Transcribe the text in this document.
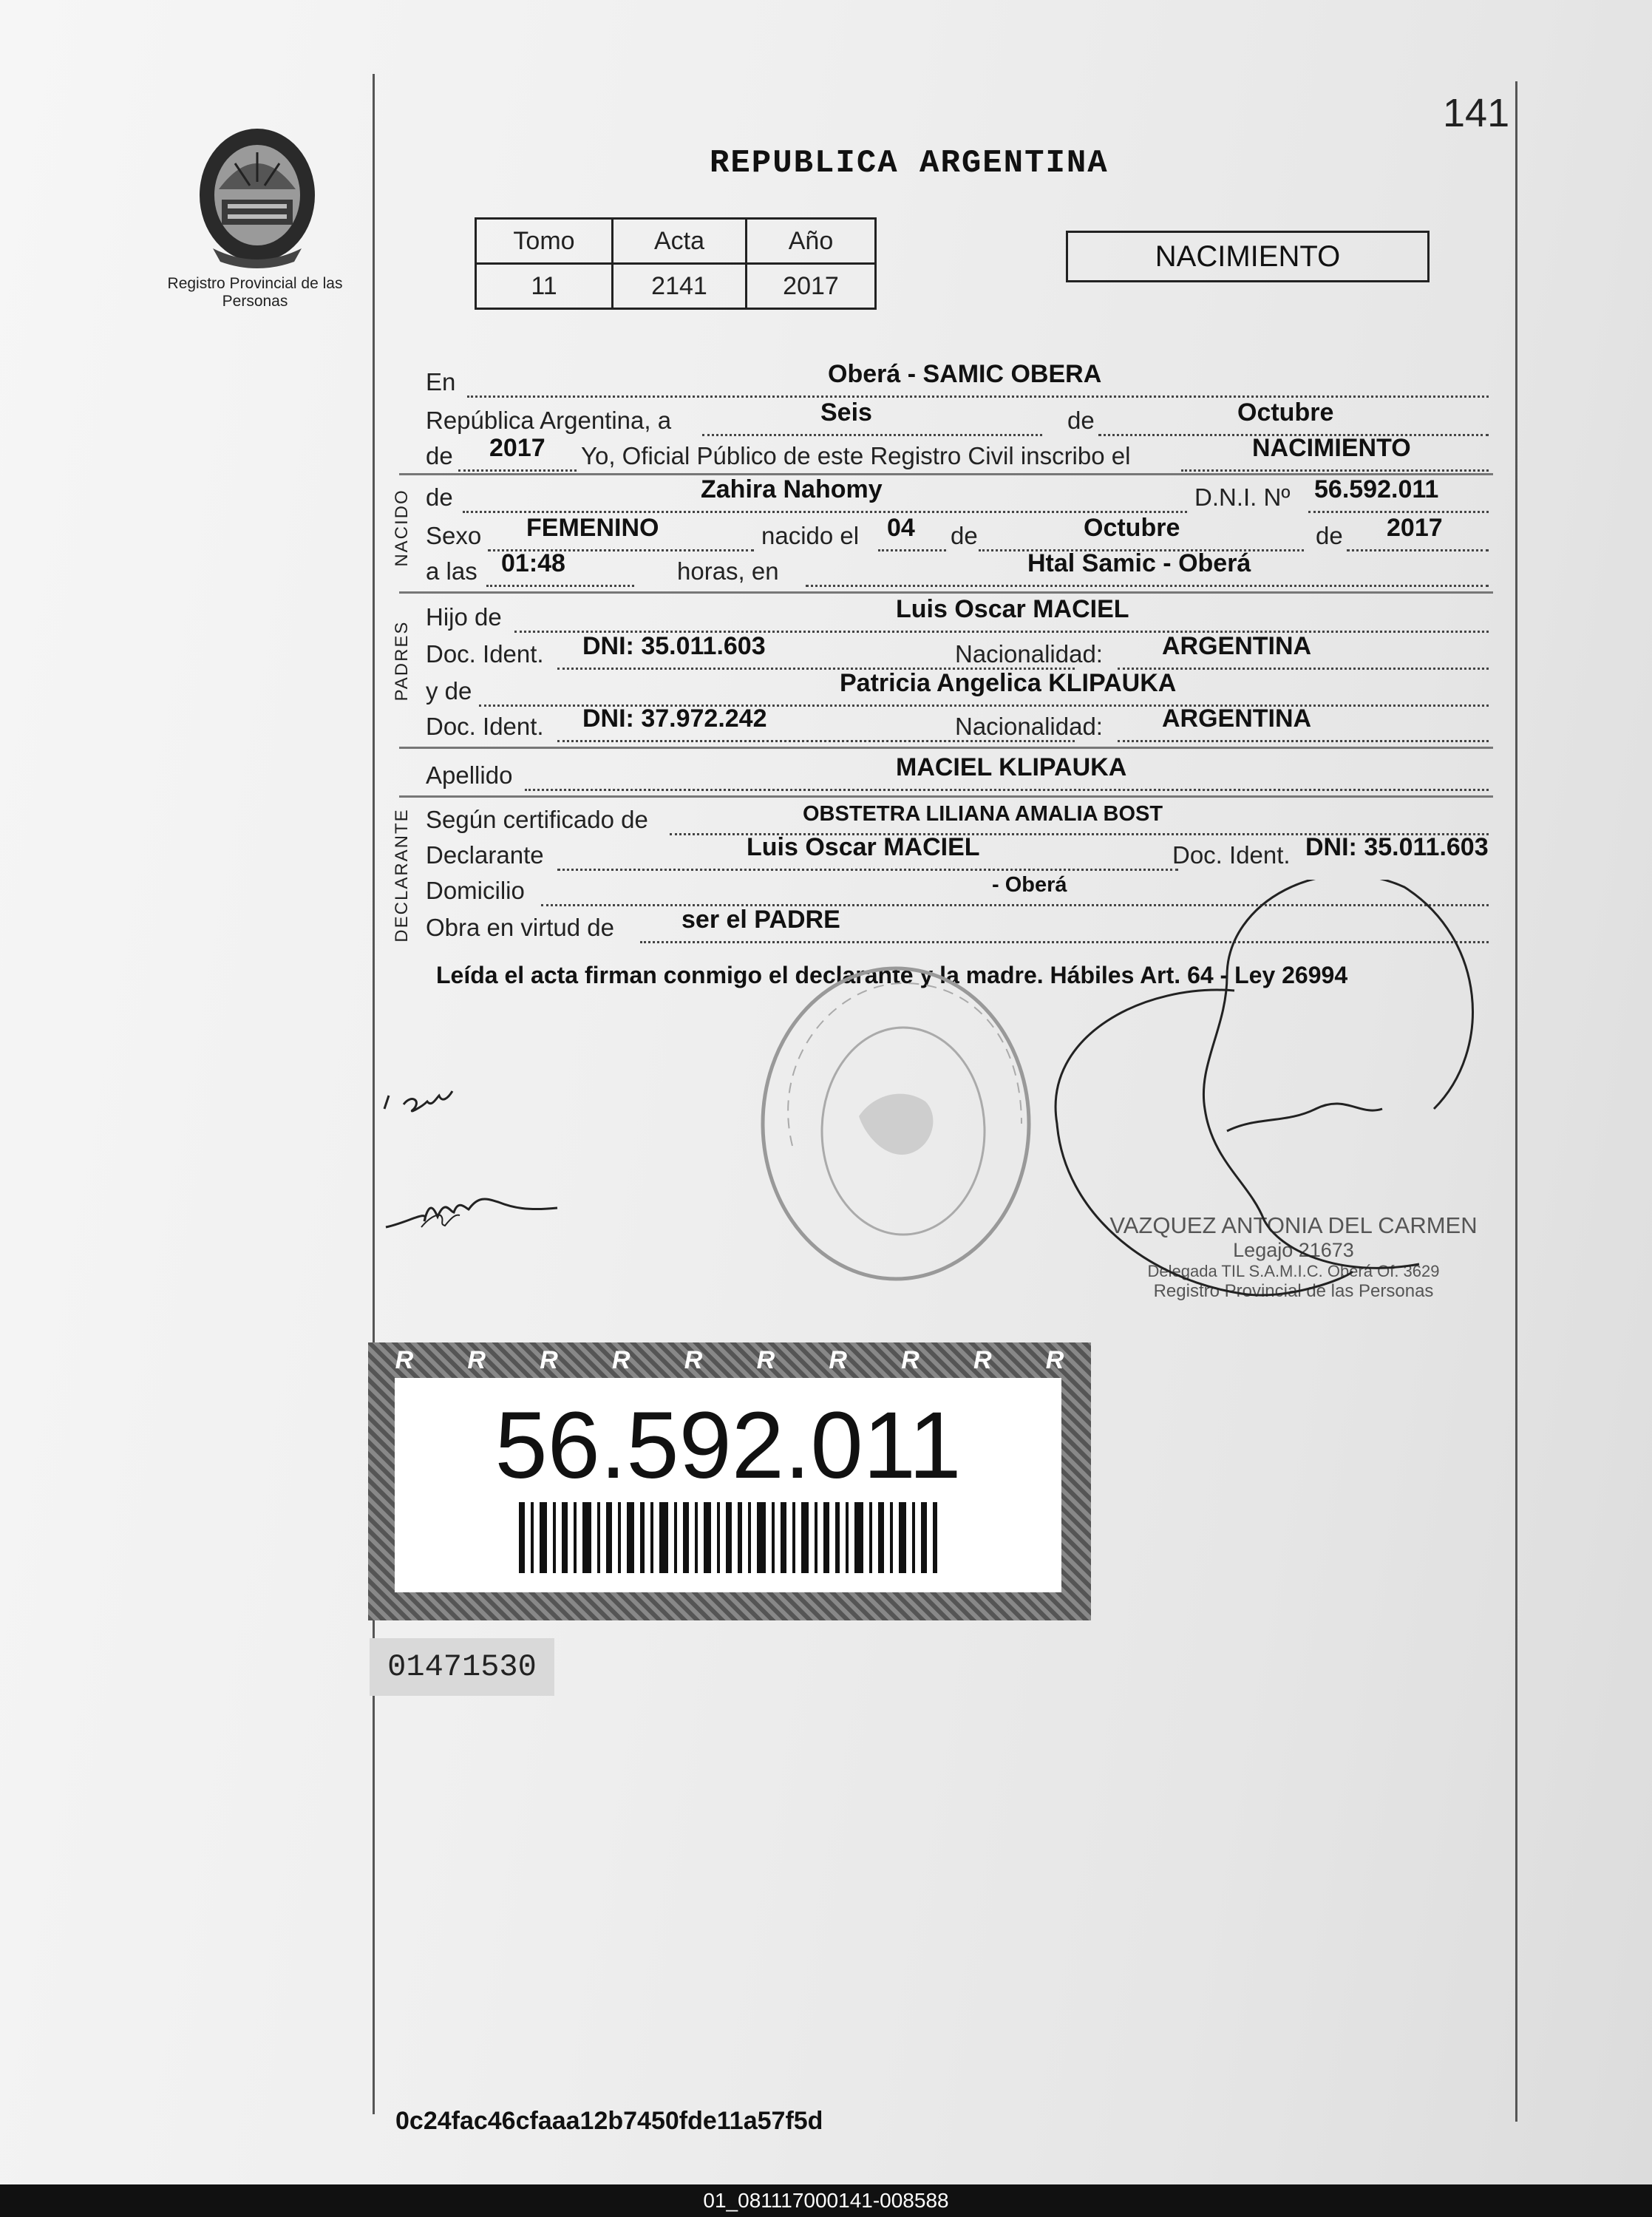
141
Registro Provincial de las Personas
REPUBLICA ARGENTINA
Tomo	Acta	Año
11	2141	2017
NACIMIENTO
En	Oberá - SAMIC OBERA
República Argentina, a	Seis	de	Octubre
de 2017 Yo, Oficial Público de este Registro Civil inscribo el	NACIMIENTO
NACIDO de	Zahira Nahomy	D.N.I. Nº 56.592.011
Sexo FEMENINO	nacido el 04 de	Octubre	de 2017
a las 01:48	horas, en	Htal Samic - Oberá
PADRES
Hijo de	Luis Oscar MACIEL
Doc. Ident. DNI: 35.011.603	Nacionalidad: ARGENTINA
y de	Patricia Angelica KLIPAUKA
Doc. Ident. DNI: 37.972.242	Nacionalidad: ARGENTINA
Apellido	MACIEL KLIPAUKA
DECLARANTE Según certificado de	OBSTETRA LILIANA AMALIA BOST
Declarante	Luis Oscar MACIEL	Doc. Ident. DNI: 35.011.603
Domicilio	- Oberá
Obra en virtud de	ser el PADRE
Leída el acta firman conmigo el declarante y la madre. Hábiles Art. 64 - Ley 26994
VAZQUEZ ANTONIA DEL CARMEN
Legajo 21673
Delegada TIL S.A.M.I.C. Oberá Of. 3629
Registro Provincial de las Personas
R	R	R	R	R	R	R	R	R	R
56.592.011
01471530
0c24fac46cfaaa12b7450fde11a57f5d
01_081117000141-008588
